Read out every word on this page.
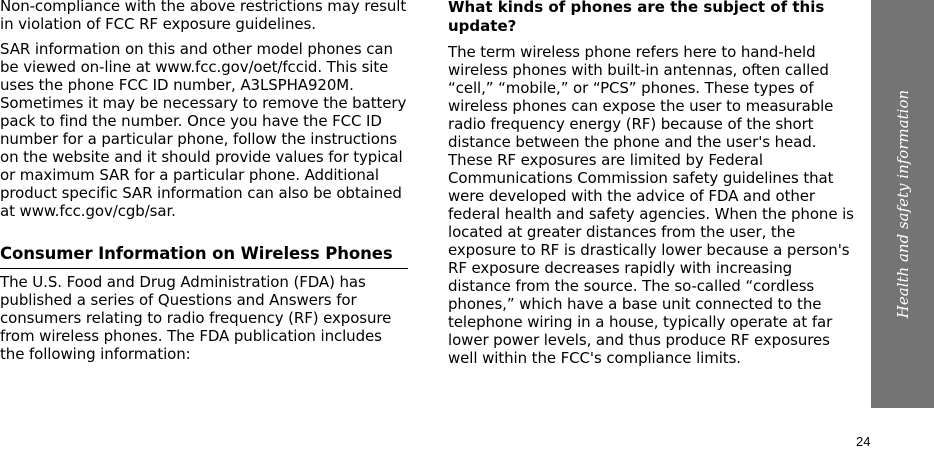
Non-compliance with the above restrictions may result in violation of FCC RF exposure guidelines.

SAR information on this and other model phones can be viewed on-line at www.fcc.gov/oet/fccid. This site uses the phone FCC ID number, A3LSPHA920M. Sometimes it may be necessary to remove the battery pack to find the number. Once you have the FCC ID number for a particular phone, follow the instructions on the website and it should provide values for typical or maximum SAR for a particular phone. Additional product specific SAR information can also be obtained at www.fcc.gov/cgb/sar.

Consumer Information on Wireless Phones

The U.S. Food and Drug Administration (FDA) has published a series of Questions and Answers for consumers relating to radio frequency (RF) exposure from wireless phones. The FDA publication includes the following information:

What kinds of phones are the subject of this update?

The term wireless phone refers here to hand-held wireless phones with built-in antennas, often called “cell,” “mobile,” or “PCS” phones. These types of wireless phones can expose the user to measurable radio frequency energy (RF) because of the short distance between the phone and the user's head. These RF exposures are limited by Federal Communications Commission safety guidelines that were developed with the advice of FDA and other federal health and safety agencies. When the phone is located at greater distances from the user, the exposure to RF is drastically lower because a person's RF exposure decreases rapidly with increasing distance from the source. The so-called “cordless phones,” which have a base unit connected to the telephone wiring in a house, typically operate at far lower power levels, and thus produce RF exposures well within the FCC's compliance limits.

Health and safety information
24
